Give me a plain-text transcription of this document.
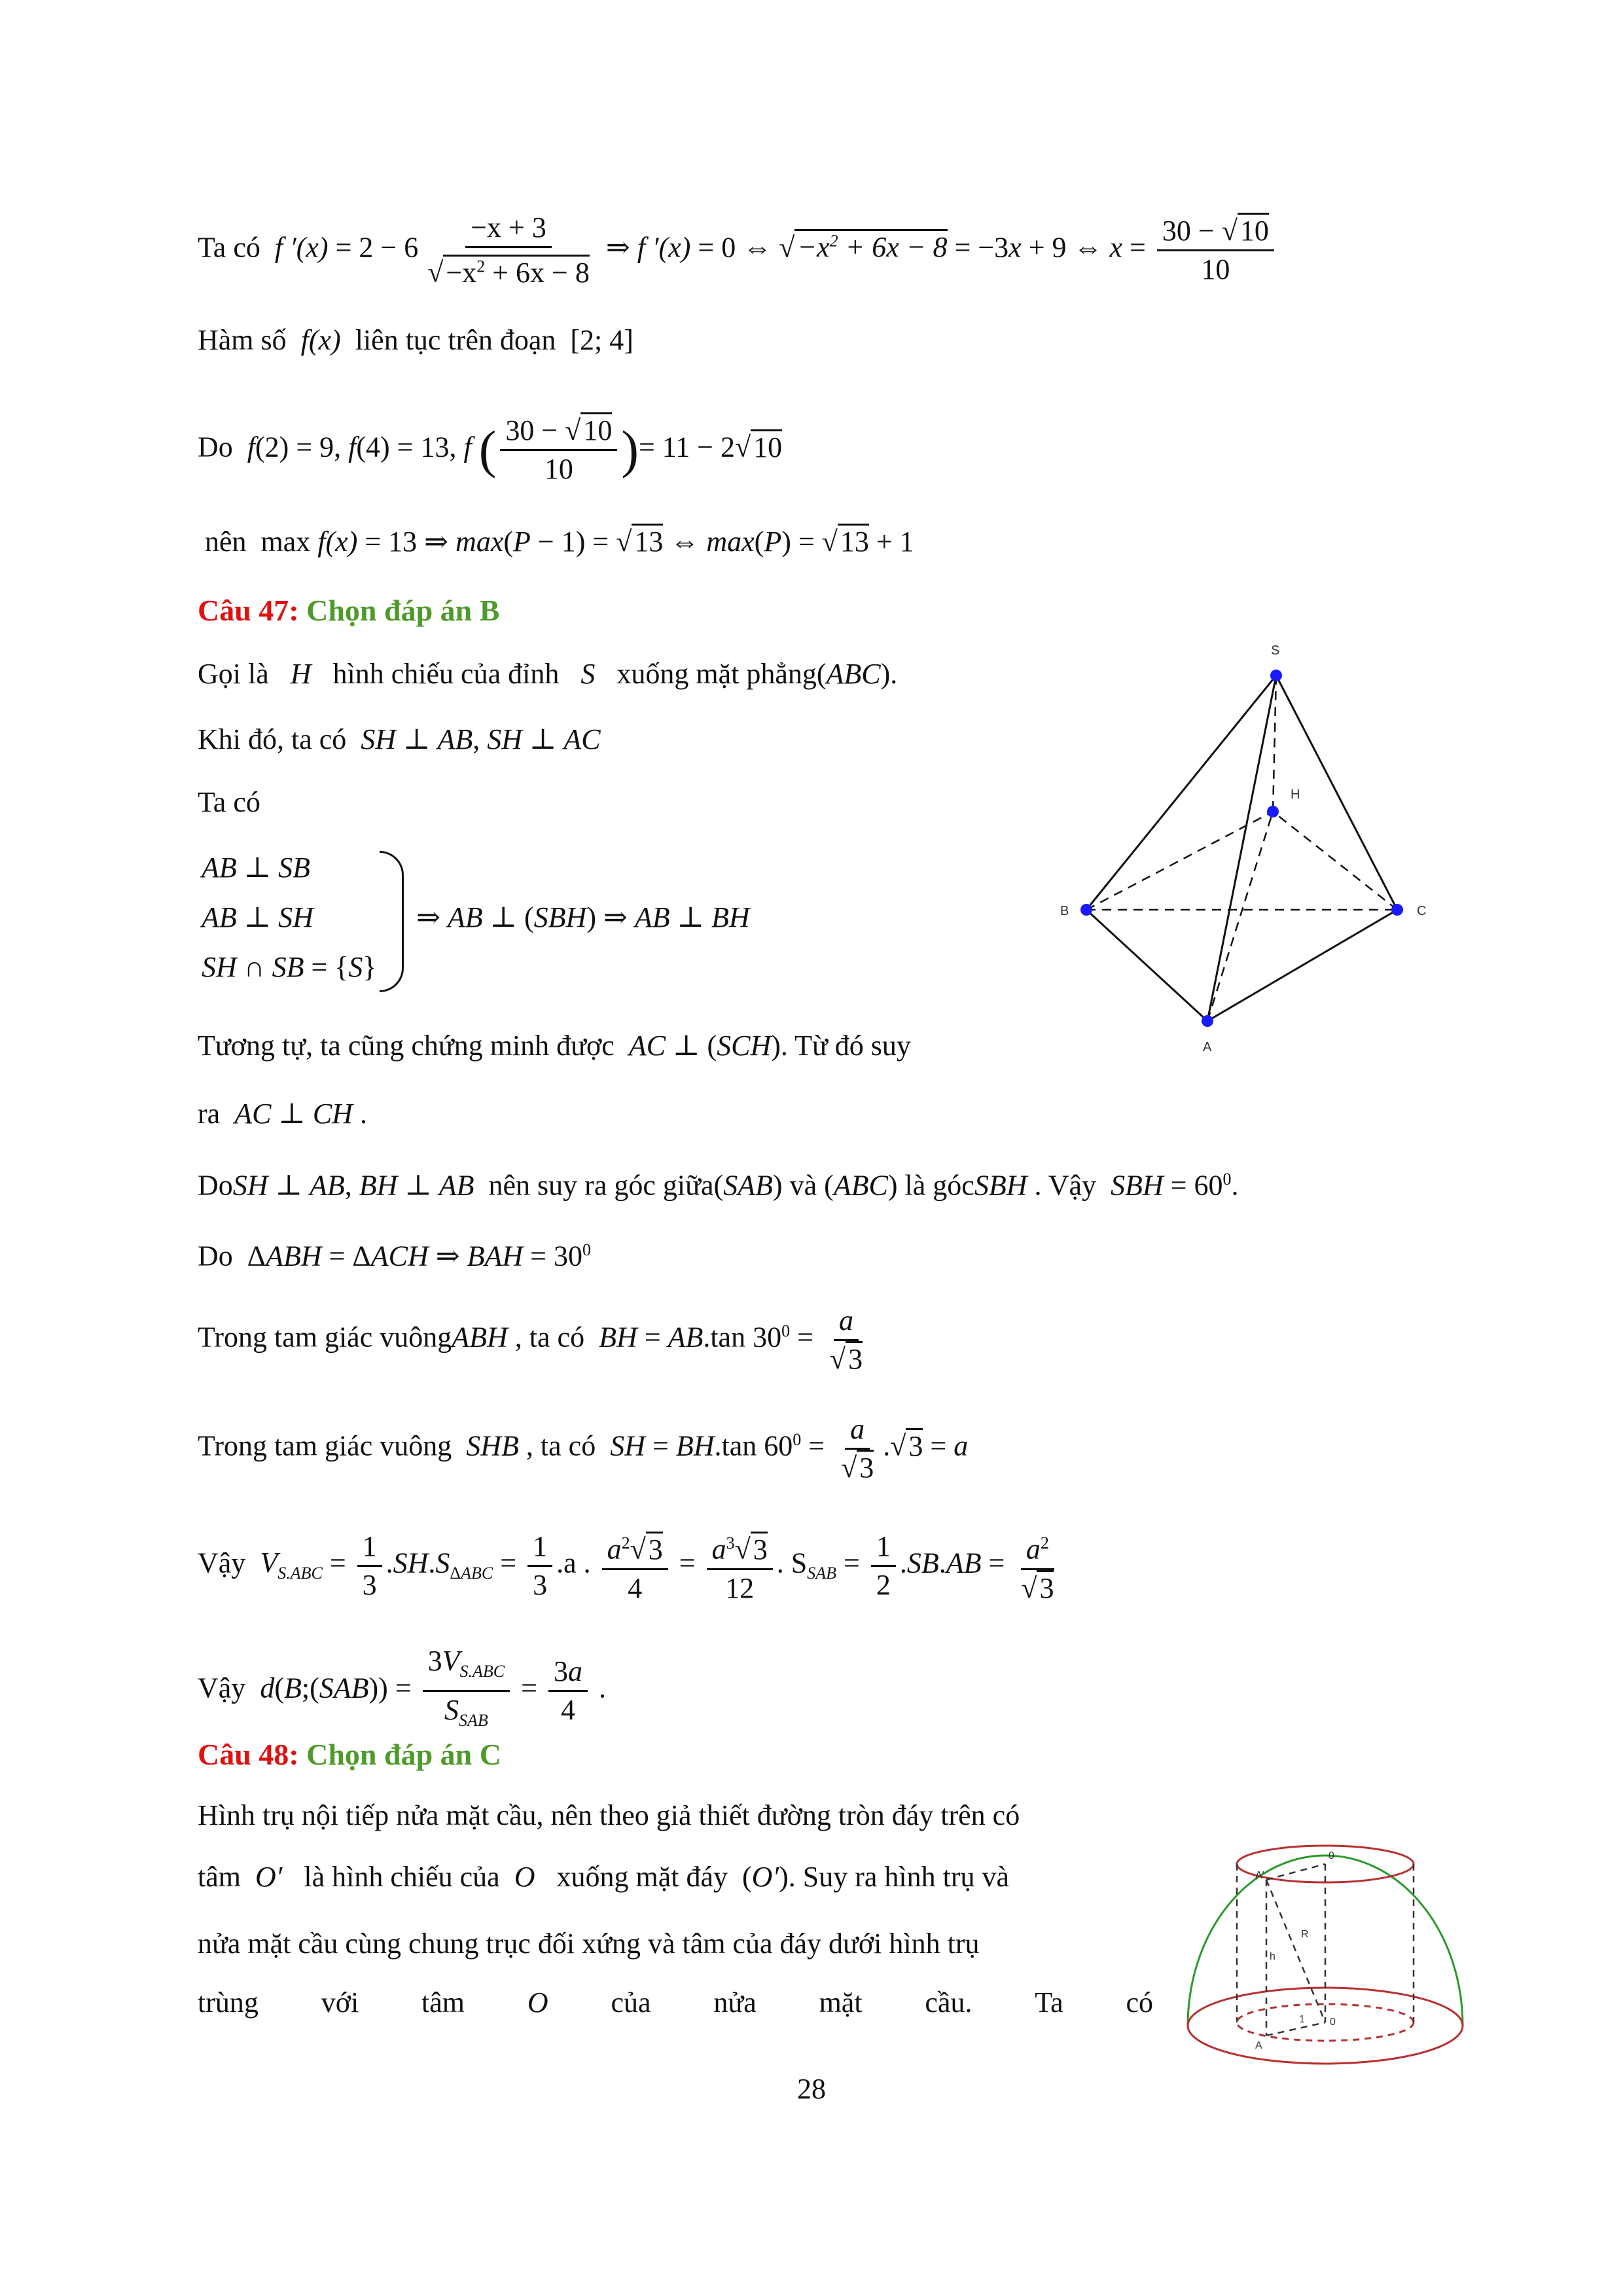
Ta có  f $'(x) = 2 - 6 \frac{-x + 3}{√-x^2 + 6x - 8}$ ⇒ f ′(x) = 0 ⇔ $√-x^2 + 6x - 8 = -3x + 9$ ⇔ $x = \frac{30 - √10}{10}$
Hàm số  f(x)  liên tục trên đoạn  [2; 4]
Do  f(2) = 9, f(4) = 13, f ( $\frac{30 - √10}{10}$ )= 11 − 2√10
nên  max f(x) = 13 ⇒ max(P − 1) = √13 ⇔ max(P) = √13 + 1
Câu 47: Chọn đáp án B
Gọi là   H   hình chiếu của đỉnh   S   xuống mặt phẳng(ABC).
Khi đó, ta có  SH ⊥ AB, SH ⊥ AC
Ta có
AB ⊥ SB
AB ⊥ SH
SH ∩ SB = {S}
⇒ AB ⊥ (SBH) ⇒ AB ⊥ BH
Tương tự, ta cũng chứng minh được  AC ⊥ (SCH). Từ đó suy
ra  AC ⊥ CH .
DoSH ⊥ AB, BH ⊥ AB nên suy ra góc giữa(SAB) và (ABC) là gócSBH . Vậy  SBH = $60^0$.
Do  ΔABH = ΔACH ⇒ BAH = $30^0$
Trong tam giác vuôngABH , ta có  BH = AB.tan $30^0 = \frac{a}{√3}$
Trong tam giác vuông  SHB , ta có  SH = BH.tan $60^0 = \frac{a}{√3} .√3 = a$
Vậy  $V_{S.ABC} = \frac{1}{3} .SH.S_{\Delta ABC} = \frac{1}{3} .a$ . $\frac{a^2√3}{4} = \frac{a^3√3}{12}$ . $S_{SAB} = \frac{1}{2} .SB.AB = \frac{a^2}{√3}$
Vậy  d(B;(SAB)) = $\frac{3V_{S.ABC}}{S_{SAB}} = \frac{3a}{4}$ .
Câu 48: Chọn đáp án C
Hình trụ nội tiếp nửa mặt cầu, nên theo giả thiết đường tròn đáy trên có
tâm O′ là hình chiếu của O xuống mặt đáy  (O′). Suy ra hình trụ và
nửa mặt cầu cùng chung trục đối xứng và tâm của đáy dưới hình trụ
trùng với tâm O của nửa mặt cầu. Ta có
S
H
B	C
A
0
A'
R
h
0
A
1
28
